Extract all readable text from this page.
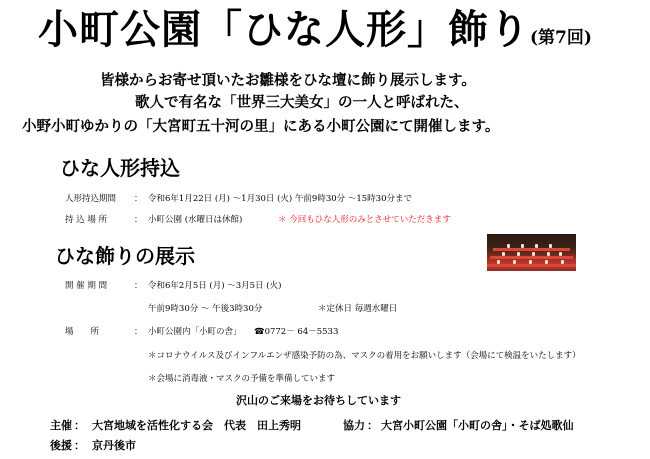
小町公園「ひな人形」飾り(第7回)
皆様からお寄せ頂いたお雛様をひな壇に飾り展示します。
歌人で有名な「世界三大美女」の一人と呼ばれた、
小野小町ゆかりの「大宮町五十河の里」にある小町公園にて開催します。
ひな人形持込
人形持込期間 ： 令和6年1月22日 (月) ～1月30日 (火) 午前9時30分 ～15時30分まで
持 込 場 所	： 小町公園 (水曜日は休館)	＊ 今回もひな人形のみとさせていただきます
ひな飾りの展示
開 催 期 間	： 令和6年2月5日 (月) ～3月5日 (火)
午前9時30分 ～ 午後3時30分	＊定休日 毎週水曜日
場　　所	： 小町公園内「小町の舎」 ☎0772－ 64－5533
＊コロナウイルス及びインフルエンザ感染予防の為、マスクの着用をお願いします（会場にて検温をいたします）
＊会場に消毒液・マスクの予備を準備しています
沢山のご来場をお待ちしています
主催 ： 大宮地域を活性化する会　代表　田上秀明	協力 ： 大宮小町公園「小町の舎」・そば処歌仙
後援 ： 京丹後市
